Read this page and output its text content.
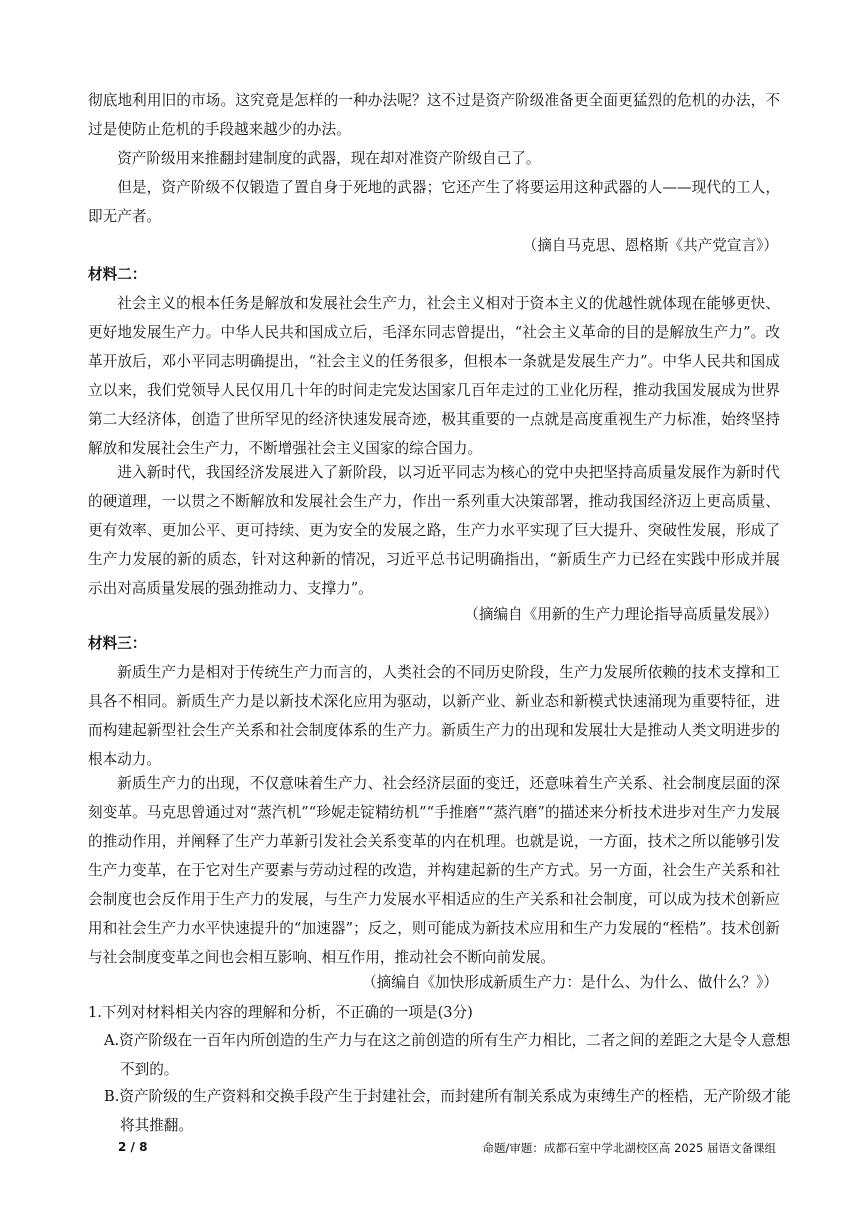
彻底地利用旧的市场。这究竟是怎样的一种办法呢？这不过是资产阶级准备更全面更猛烈的危机的办法，不过是使防止危机的手段越来越少的办法。

资产阶级用来推翻封建制度的武器，现在却对准资产阶级自己了。

但是，资产阶级不仅锻造了置自身于死地的武器；它还产生了将要运用这种武器的人——现代的工人，即无产者。

（摘自马克思、恩格斯《共产党宣言》）

材料二：

社会主义的根本任务是解放和发展社会生产力，社会主义相对于资本主义的优越性就体现在能够更快、更好地发展生产力。中华人民共和国成立后，毛泽东同志曾提出，“社会主义革命的目的是解放生产力”。改革开放后，邓小平同志明确提出，“社会主义的任务很多，但根本一条就是发展生产力”。中华人民共和国成立以来，我们党领导人民仅用几十年的时间走完发达国家几百年走过的工业化历程，推动我国发展成为世界第二大经济体，创造了世所罕见的经济快速发展奇迹，极其重要的一点就是高度重视生产力标准，始终坚持解放和发展社会生产力，不断增强社会主义国家的综合国力。

进入新时代，我国经济发展进入了新阶段，以习近平同志为核心的党中央把坚持高质量发展作为新时代的硬道理，一以贯之不断解放和发展社会生产力，作出一系列重大决策部署，推动我国经济迈上更高质量、更有效率、更加公平、更可持续、更为安全的发展之路，生产力水平实现了巨大提升、突破性发展，形成了生产力发展的新的质态，针对这种新的情况，习近平总书记明确指出，“新质生产力已经在实践中形成并展示出对高质量发展的强劲推动力、支撑力”。

（摘编自《用新的生产力理论指导高质量发展》）

材料三：

新质生产力是相对于传统生产力而言的，人类社会的不同历史阶段，生产力发展所依赖的技术支撑和工具各不相同。新质生产力是以新技术深化应用为驱动，以新产业、新业态和新模式快速涌现为重要特征，进而构建起新型社会生产关系和社会制度体系的生产力。新质生产力的出现和发展壮大是推动人类文明进步的根本动力。

新质生产力的出现，不仅意味着生产力、社会经济层面的变迁，还意味着生产关系、社会制度层面的深刻变革。马克思曾通过对“蒸汽机”“珍妮走锭精纺机”“手推磨”“蒸汽磨”的描述来分析技术进步对生产力发展的推动作用，并阐释了生产力革新引发社会关系变革的内在机理。也就是说，一方面，技术之所以能够引发生产力变革，在于它对生产要素与劳动过程的改造，并构建起新的生产方式。另一方面，社会生产关系和社会制度也会反作用于生产力的发展，与生产力发展水平相适应的生产关系和社会制度，可以成为技术创新应用和社会生产力水平快速提升的“加速器”；反之，则可能成为新技术应用和生产力发展的“桎梏”。技术创新与社会制度变革之间也会相互影响、相互作用，推动社会不断向前发展。

（摘编自《加快形成新质生产力：是什么、为什么、做什么？》）

1.下列对材料相关内容的理解和分析，不正确的一项是(3分)

A.资产阶级在一百年内所创造的生产力与在这之前创造的所有生产力相比，二者之间的差距之大是令人意想不到的。

B.资产阶级的生产资料和交换手段产生于封建社会，而封建所有制关系成为束缚生产的桎梏，无产阶级才能将其推翻。

2 / 8	命题/审题：成都石室中学北湖校区高 2025 届语文备课组
